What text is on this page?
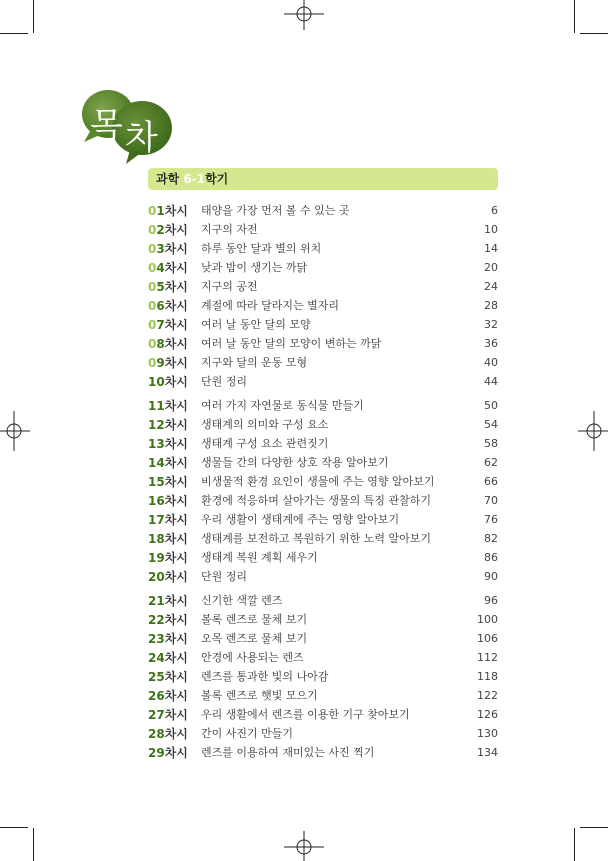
목차
과학 6-1학기
01차시 태양을 가장 먼저 볼 수 있는 곳	6
02차시 지구의 자전	10
03차시 하루 동안 달과 별의 위치	14
04차시 낮과 밤이 생기는 까닭	20
05차시 지구의 공전	24
06차시 계절에 따라 달라지는 별자리	28
07차시 여러 날 동안 달의 모양	32
08차시 여러 날 동안 달의 모양이 변하는 까닭	36
09차시 지구와 달의 운동 모형	40
10차시 단원 정리	44
11차시 여러 가지 자연물로 동식물 만들기	50
12차시 생태계의 의미와 구성 요소	54
13차시 생태계 구성 요소 관련짓기	58
14차시 생물들 간의 다양한 상호 작용 알아보기	62
15차시 비생물적 환경 요인이 생물에 주는 영향 알아보기	66
16차시 환경에 적응하며 살아가는 생물의 특징 관찰하기	70
17차시 우리 생활이 생태계에 주는 영향 알아보기	76
18차시 생태계를 보전하고 복원하기 위한 노력 알아보기	82
19차시 생태계 복원 계획 세우기	86
20차시 단원 정리	90
21차시 신기한 색깔 렌즈	96
22차시 볼록 렌즈로 물체 보기	100
23차시 오목 렌즈로 물체 보기	106
24차시 안경에 사용되는 렌즈	112
25차시 렌즈를 통과한 빛의 나아감	118
26차시 볼록 렌즈로 햇빛 모으기	122
27차시 우리 생활에서 렌즈를 이용한 기구 찾아보기	126
28차시 간이 사진기 만들기	130
29차시 렌즈를 이용하여 재미있는 사진 찍기	134
